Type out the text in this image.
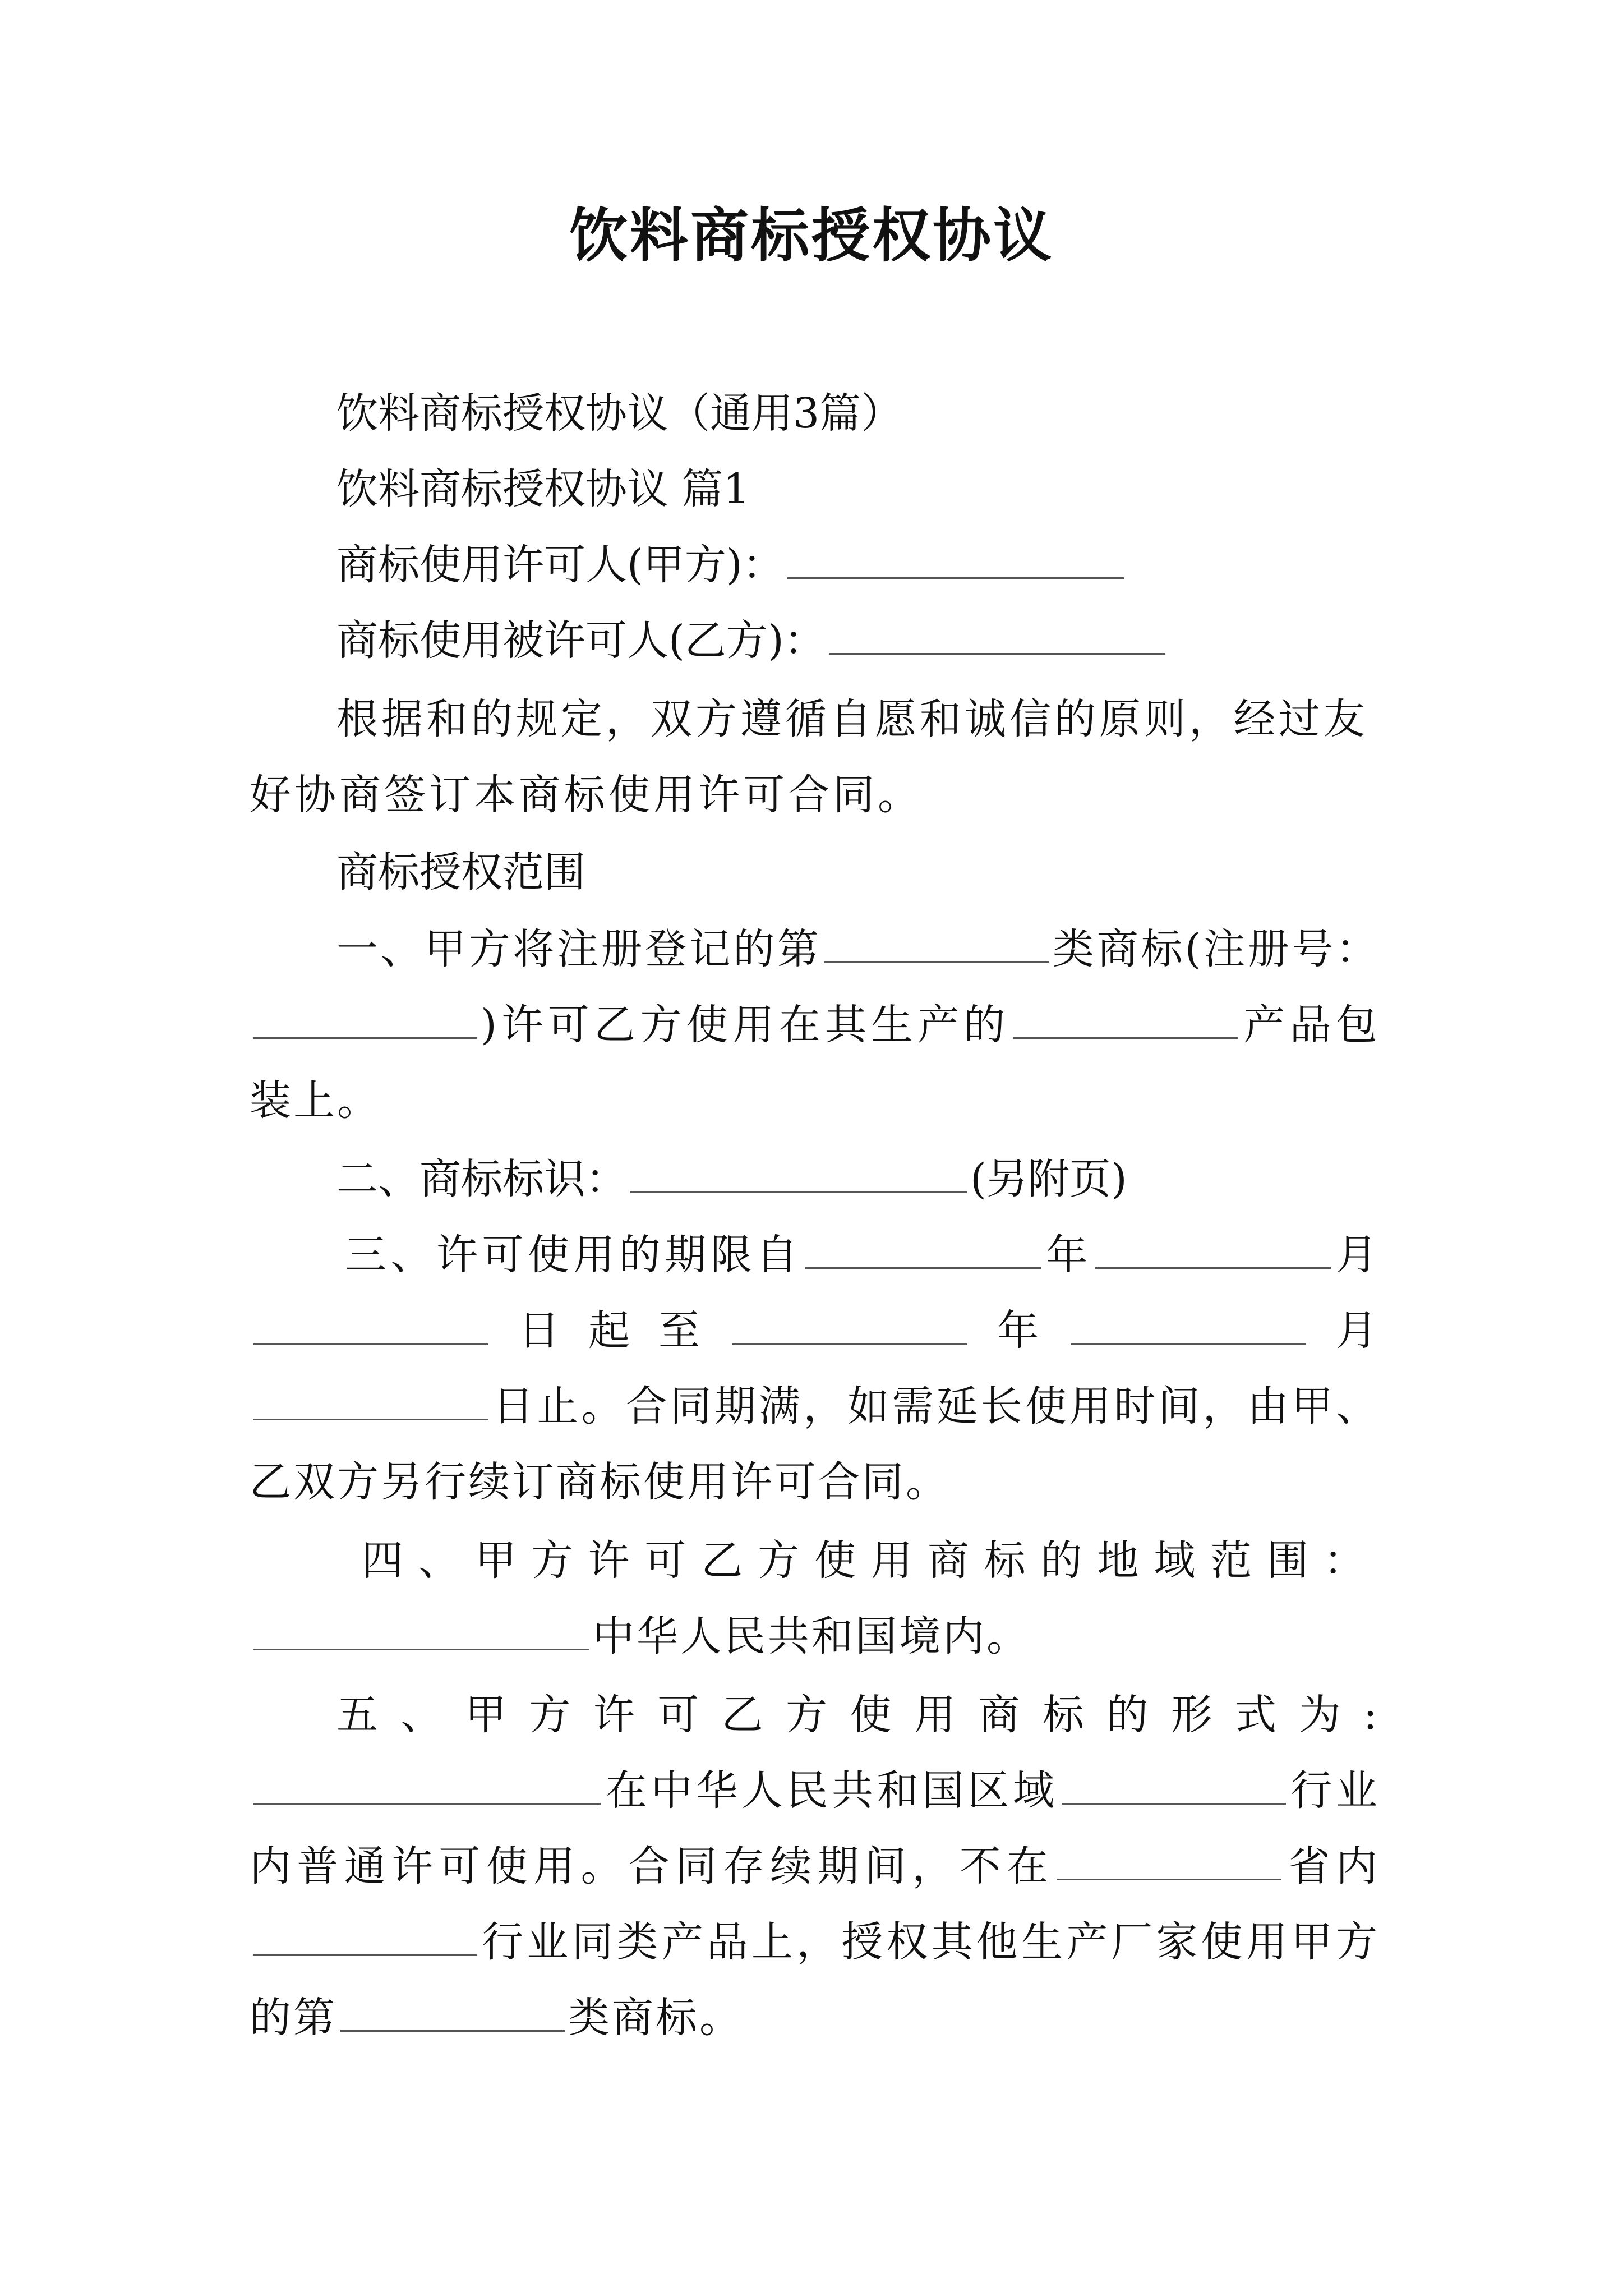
饮料商标授权协议

饮料商标授权协议（通用3篇）

饮料商标授权协议 篇1

商标使用许可人(甲方)：

商标使用被许可人(乙方)：

根据和的规定，双方遵循自愿和诚信的原则，经过友好协商签订本商标使用许可合同。

商标授权范围

一、甲方将注册登记的第	类商标(注册号：)许可乙方使用在其生产的	产品包装上。

二、商标标识：	(另附页)

三、许可使用的期限自	年	月日起至	年	月日止。合同期满，如需延长使用时间，由甲、乙双方另行续订商标使用许可合同。

四、甲方许可乙方使用商标的地域范围：中华人民共和国境内。

五、甲方许可乙方使用商标的形式为:在中华人民共和国区域	行业内普通许可使用。合同存续期间，不在	省内行业同类产品上，授权其他生产厂家使用甲方的第	类商标。
